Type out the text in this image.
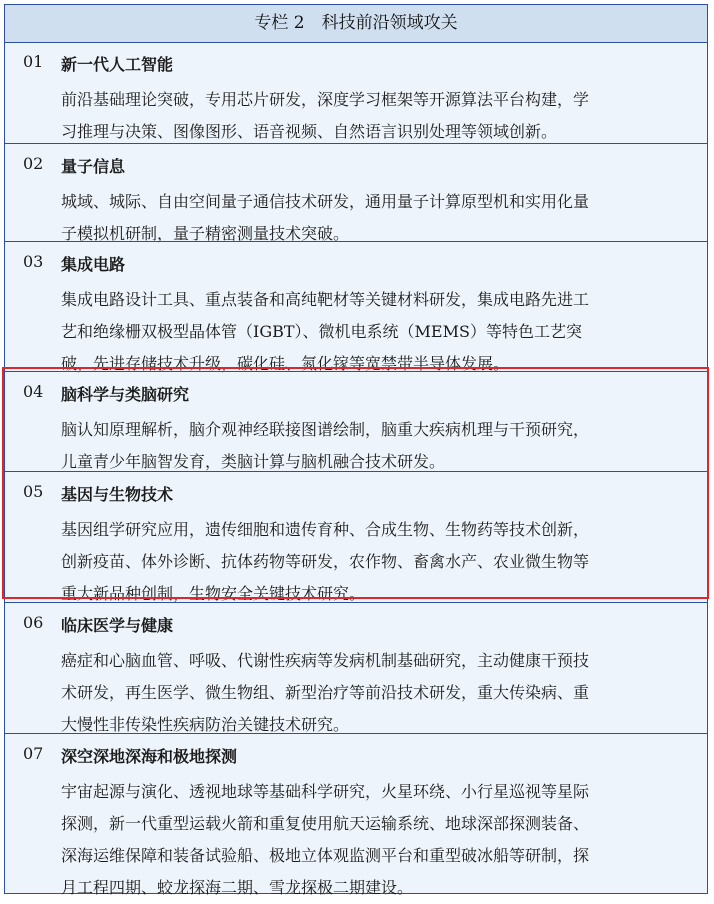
专栏 2　科技前沿领域攻关
01 新一代人工智能
前沿基础理论突破，专用芯片研发，深度学习框架等开源算法平台构建，学
习推理与决策、图像图形、语音视频、自然语言识别处理等领域创新。
02 量子信息
城域、城际、自由空间量子通信技术研发，通用量子计算原型机和实用化量
子模拟机研制，量子精密测量技术突破。
03 集成电路
集成电路设计工具、重点装备和高纯靶材等关键材料研发，集成电路先进工
艺和绝缘栅双极型晶体管（IGBT）、微机电系统（MEMS）等特色工艺突
破，先进存储技术升级，碳化硅、氮化镓等宽禁带半导体发展。
04 脑科学与类脑研究
脑认知原理解析，脑介观神经联接图谱绘制，脑重大疾病机理与干预研究，
儿童青少年脑智发育，类脑计算与脑机融合技术研发。
05 基因与生物技术
基因组学研究应用，遗传细胞和遗传育种、合成生物、生物药等技术创新，
创新疫苗、体外诊断、抗体药物等研发，农作物、畜禽水产、农业微生物等
重大新品种创制，生物安全关键技术研究。
06 临床医学与健康
癌症和心脑血管、呼吸、代谢性疾病等发病机制基础研究，主动健康干预技
术研发，再生医学、微生物组、新型治疗等前沿技术研发，重大传染病、重
大慢性非传染性疾病防治关键技术研究。
07 深空深地深海和极地探测
宇宙起源与演化、透视地球等基础科学研究，火星环绕、小行星巡视等星际
探测，新一代重型运载火箭和重复使用航天运输系统、地球深部探测装备、
深海运维保障和装备试验船、极地立体观监测平台和重型破冰船等研制，探
月工程四期、蛟龙探海二期、雪龙探极二期建设。
